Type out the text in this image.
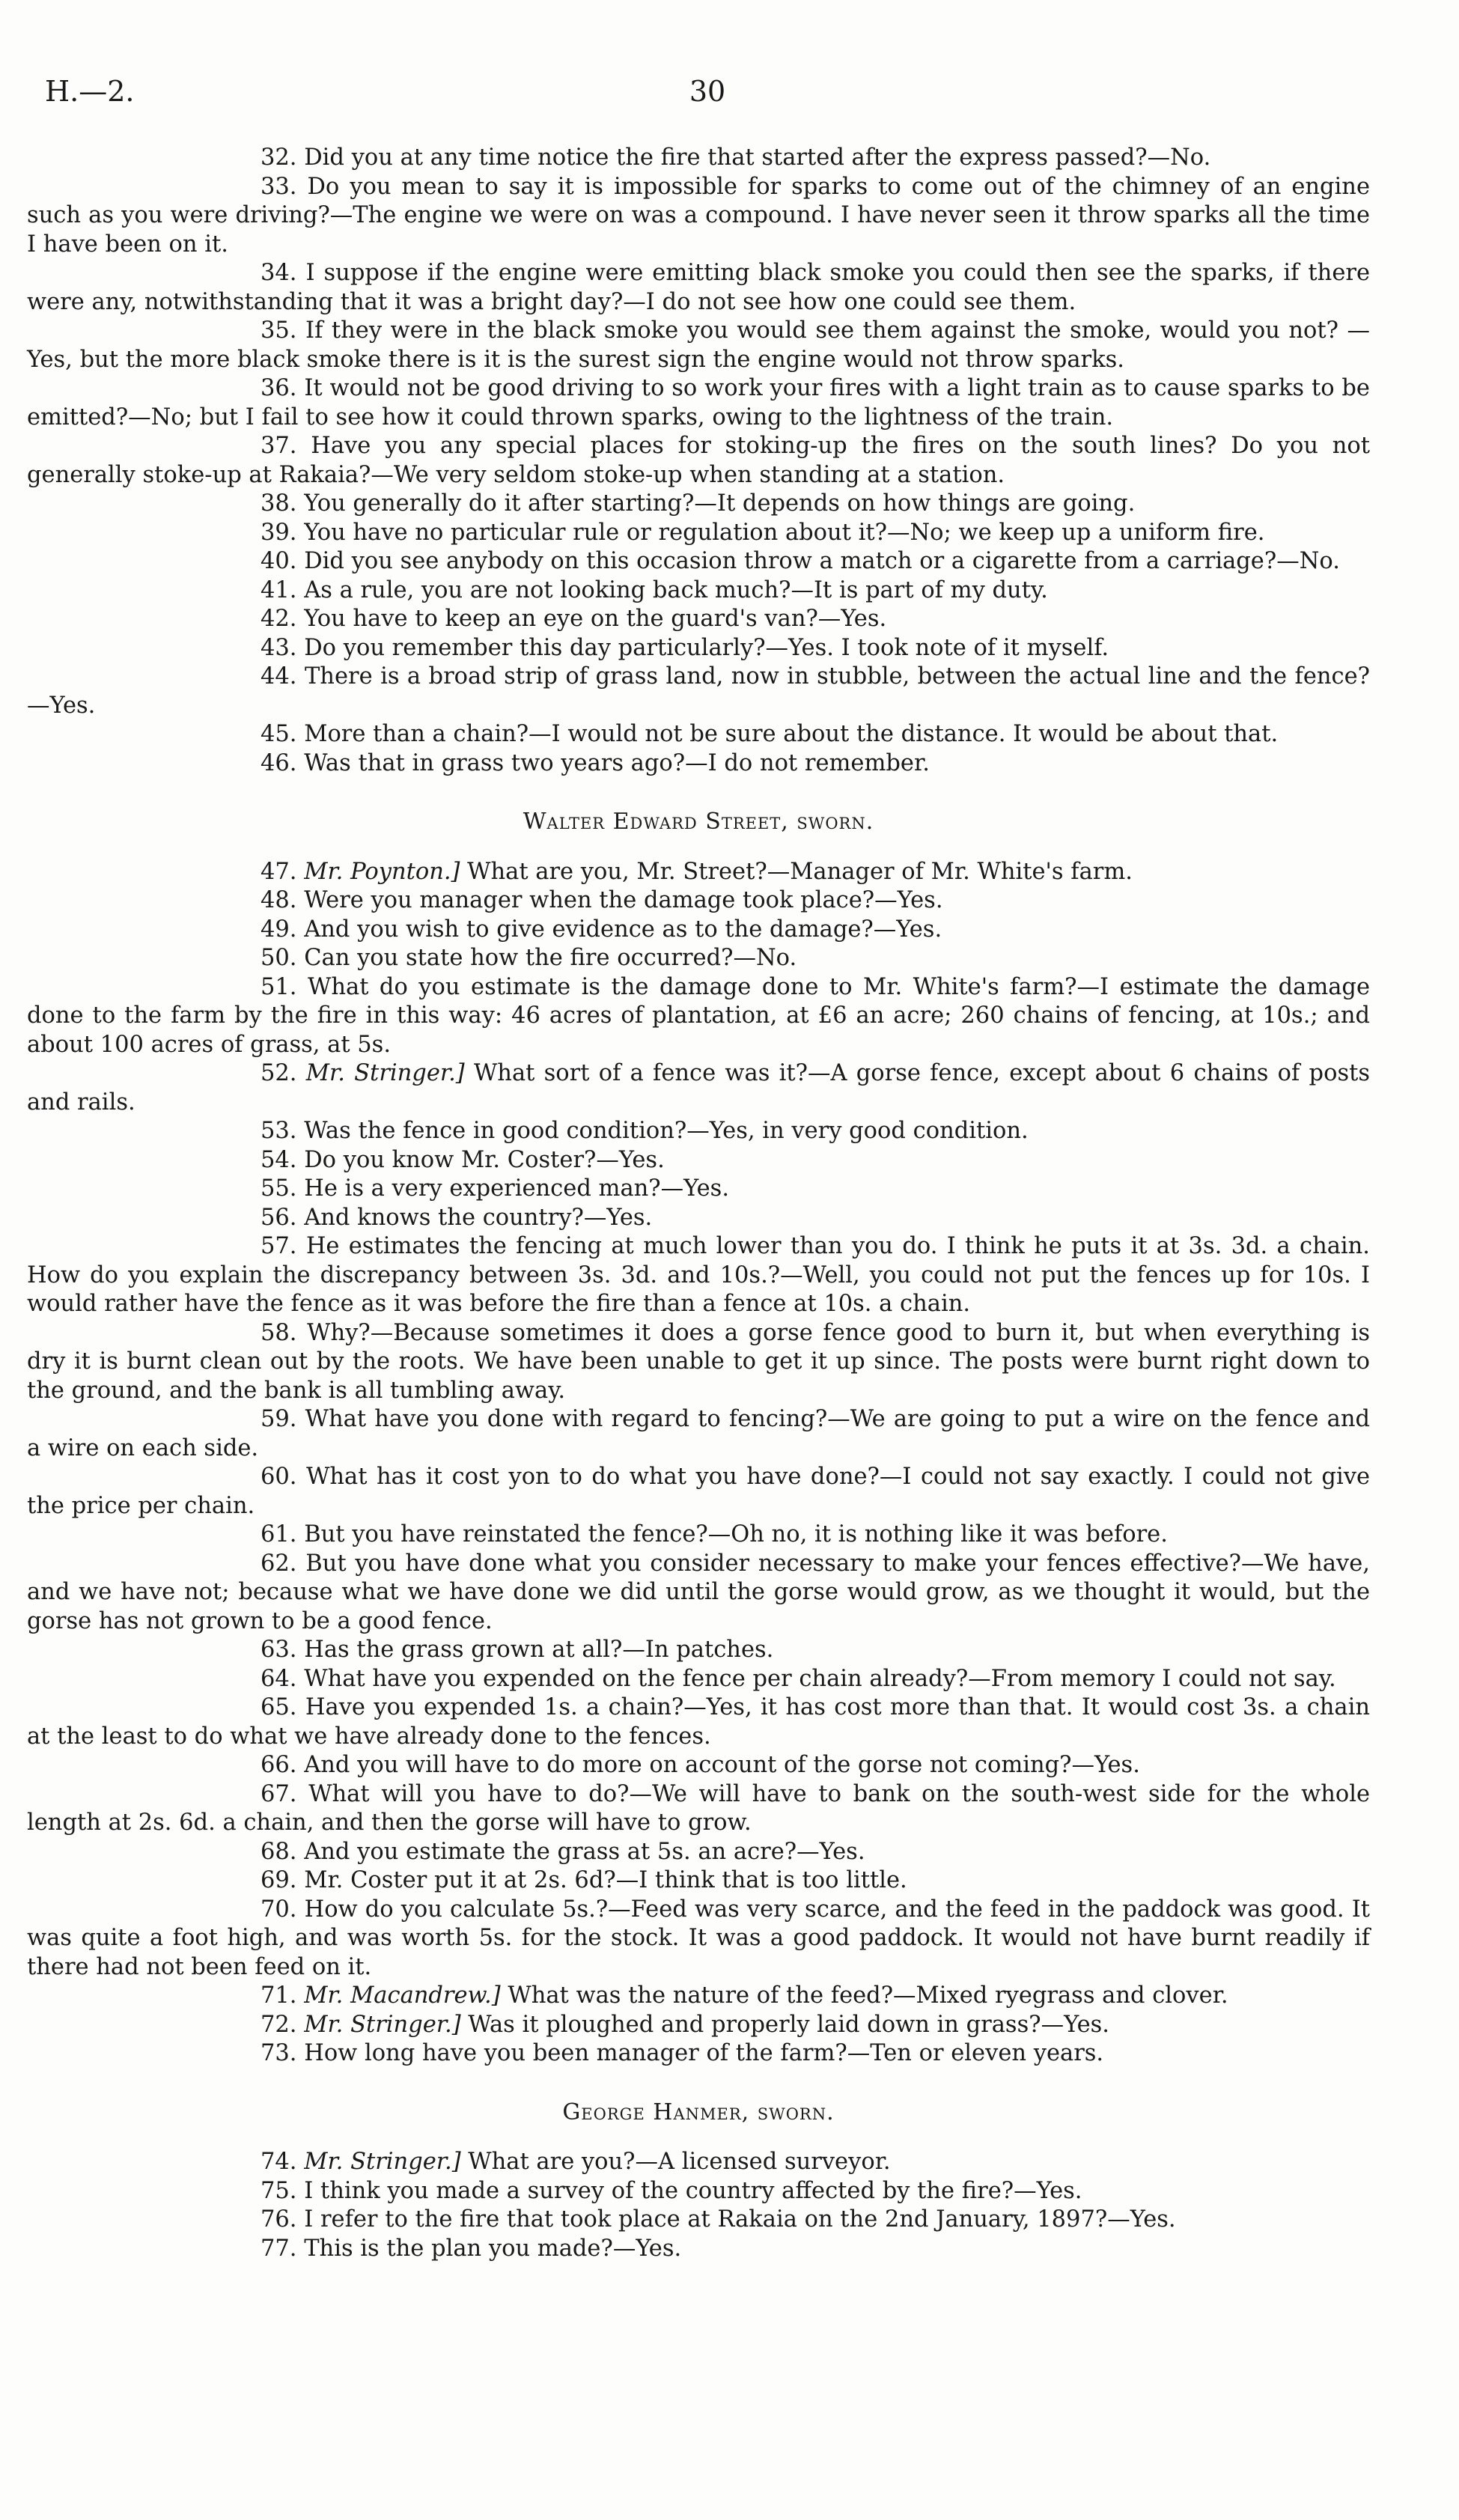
H.—2.	30

32. Did you at any time notice the fire that started after the express passed?—No.

33. Do you mean to say it is impossible for sparks to come out of the chimney of an engine such as you were driving?—The engine we were on was a compound. I have never seen it throw sparks all the time I have been on it.

34. I suppose if the engine were emitting black smoke you could then see the sparks, if there were any, notwithstanding that it was a bright day?—I do not see how one could see them.

35. If they were in the black smoke you would see them against the smoke, would you not? —Yes, but the more black smoke there is it is the surest sign the engine would not throw sparks.

36. It would not be good driving to so work your fires with a light train as to cause sparks to be emitted?—No; but I fail to see how it could thrown sparks, owing to the lightness of the train.

37. Have you any special places for stoking-up the fires on the south lines? Do you not generally stoke-up at Rakaia?—We very seldom stoke-up when standing at a station.

38. You generally do it after starting?—It depends on how things are going.

39. You have no particular rule or regulation about it?—No; we keep up a uniform fire.

40. Did you see anybody on this occasion throw a match or a cigarette from a carriage?—No.

41. As a rule, you are not looking back much?—It is part of my duty.

42. You have to keep an eye on the guard's van?—Yes.

43. Do you remember this day particularly?—Yes. I took note of it myself.

44. There is a broad strip of grass land, now in stubble, between the actual line and the fence? —Yes.

45. More than a chain?—I would not be sure about the distance. It would be about that.

46. Was that in grass two years ago?—I do not remember.

Walter Edward Street, sworn.

47. Mr. Poynton.] What are you, Mr. Street?—Manager of Mr. White's farm.

48. Were you manager when the damage took place?—Yes.

49. And you wish to give evidence as to the damage?—Yes.

50. Can you state how the fire occurred?—No.

51. What do you estimate is the damage done to Mr. White's farm?—I estimate the damage done to the farm by the fire in this way: 46 acres of plantation, at £6 an acre; 260 chains of fencing, at 10s.; and about 100 acres of grass, at 5s.

52. Mr. Stringer.] What sort of a fence was it?—A gorse fence, except about 6 chains of posts and rails.

53. Was the fence in good condition?—Yes, in very good condition.

54. Do you know Mr. Coster?—Yes.

55. He is a very experienced man?—Yes.

56. And knows the country?—Yes.

57. He estimates the fencing at much lower than you do. I think he puts it at 3s. 3d. a chain. How do you explain the discrepancy between 3s. 3d. and 10s.?—Well, you could not put the fences up for 10s. I would rather have the fence as it was before the fire than a fence at 10s. a chain.

58. Why?—Because sometimes it does a gorse fence good to burn it, but when everything is dry it is burnt clean out by the roots. We have been unable to get it up since. The posts were burnt right down to the ground, and the bank is all tumbling away.

59. What have you done with regard to fencing?—We are going to put a wire on the fence and a wire on each side.

60. What has it cost yon to do what you have done?—I could not say exactly. I could not give the price per chain.

61. But you have reinstated the fence?—Oh no, it is nothing like it was before.

62. But you have done what you consider necessary to make your fences effective?—We have, and we have not; because what we have done we did until the gorse would grow, as we thought it would, but the gorse has not grown to be a good fence.

63. Has the grass grown at all?—In patches.

64. What have you expended on the fence per chain already?—From memory I could not say.

65. Have you expended 1s. a chain?—Yes, it has cost more than that. It would cost 3s. a chain at the least to do what we have already done to the fences.

66. And you will have to do more on account of the gorse not coming?—Yes.

67. What will you have to do?—We will have to bank on the south-west side for the whole length at 2s. 6d. a chain, and then the gorse will have to grow.

68. And you estimate the grass at 5s. an acre?—Yes.

69. Mr. Coster put it at 2s. 6d?—I think that is too little.

70. How do you calculate 5s.?—Feed was very scarce, and the feed in the paddock was good. It was quite a foot high, and was worth 5s. for the stock. It was a good paddock. It would not have burnt readily if there had not been feed on it.

71. Mr. Macandrew.] What was the nature of the feed?—Mixed ryegrass and clover.

72. Mr. Stringer.] Was it ploughed and properly laid down in grass?—Yes.

73. How long have you been manager of the farm?—Ten or eleven years.

George Hanmer, sworn.

74. Mr. Stringer.] What are you?—A licensed surveyor.

75. I think you made a survey of the country affected by the fire?—Yes.

76. I refer to the fire that took place at Rakaia on the 2nd January, 1897?—Yes.

77. This is the plan you made?—Yes.
